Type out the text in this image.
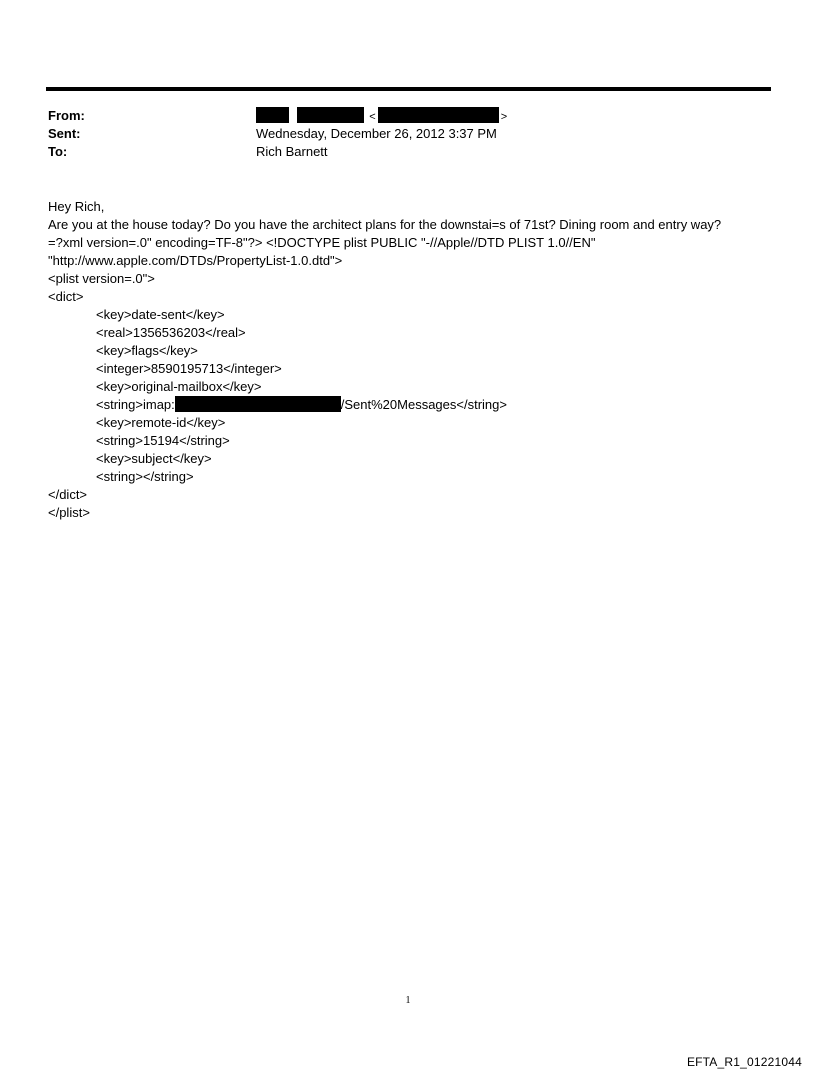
From:	<	>
Sent:	Wednesday, December 26, 2012 3:37 PM
To:	Rich Barnett
Hey Rich,
Are you at the house today? Do you have the architect plans for the downstai=s of 71st? Dining room and entry way?
=?xml version=.0" encoding=TF-8"?> <!DOCTYPE plist PUBLIC "-//Apple//DTD PLIST 1.0//EN"
"http://www.apple.com/DTDs/PropertyList-1.0.dtd">
<plist version=.0">
<dict>
<key>date-sent</key>
<real>1356536203</real>
<key>flags</key>
<integer>8590195713</integer>
<key>original-mailbox</key>
<string>imap:	/Sent%20Messages</string>
<key>remote-id</key>
<string>15194</string>
<key>subject</key>
<string></string>
</dict>
</plist>
1
EFTA_R1_01221044
